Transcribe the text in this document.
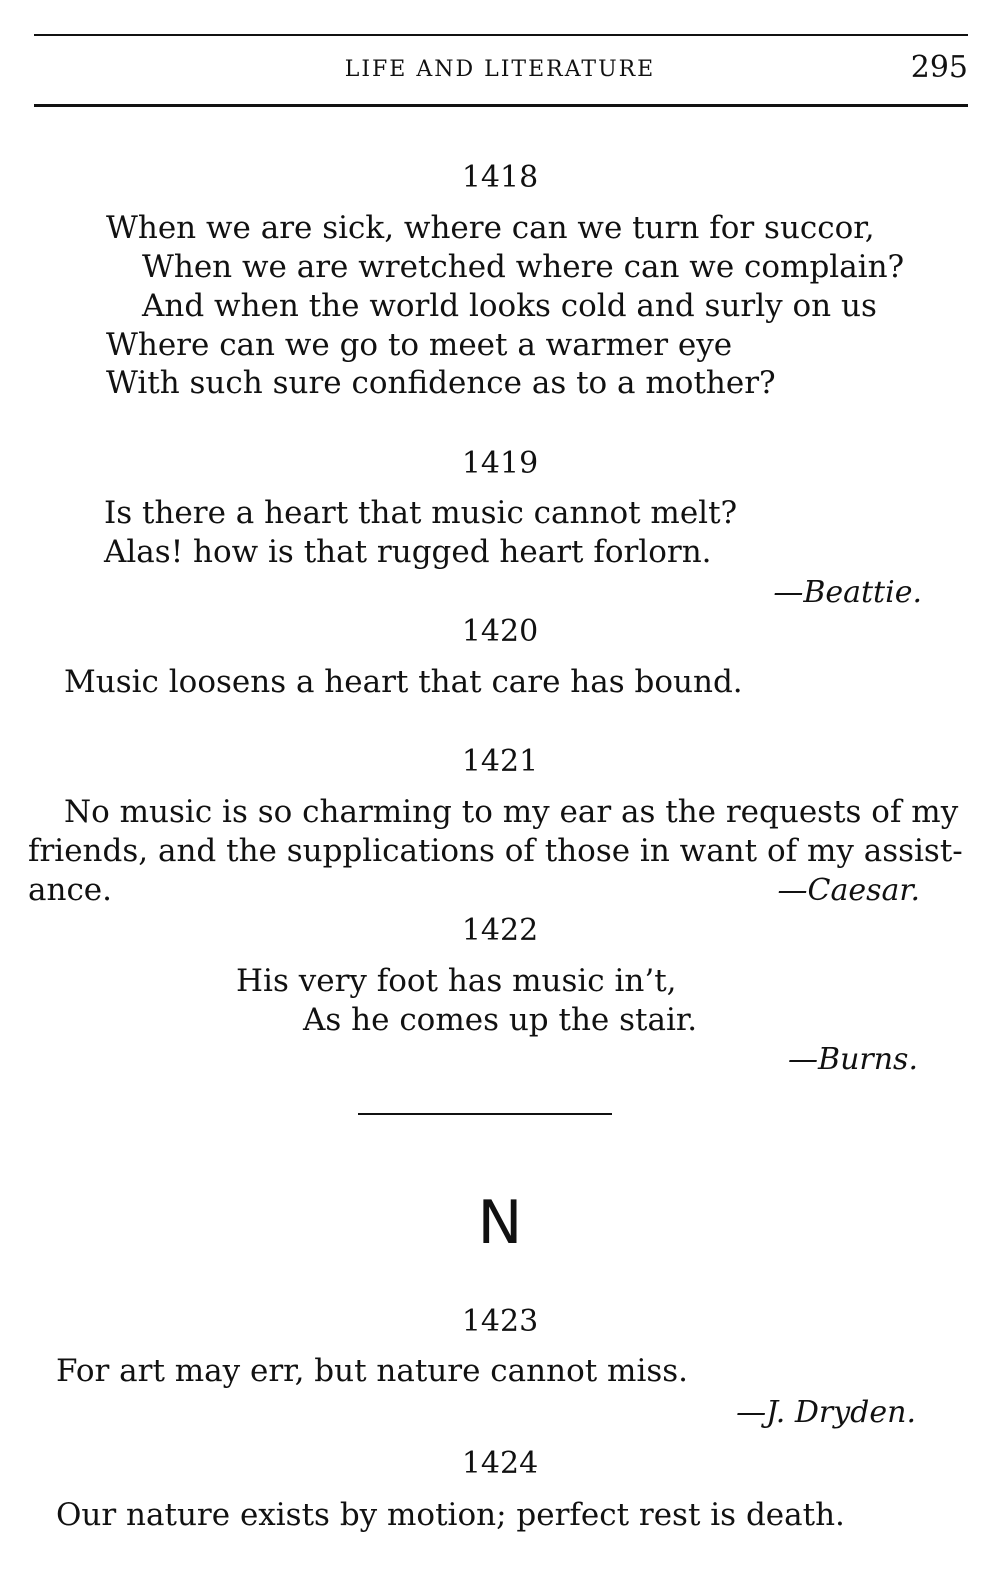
LIFE AND LITERATURE	295
1418
When we are sick, where can we turn for succor,
When we are wretched where can we complain?
And when the world looks cold and surly on us
Where can we go to meet a warmer eye
With such sure confidence as to a mother?
1419
Is there a heart that music cannot melt?
Alas! how is that rugged heart forlorn.
—Beattie.
1420
Music loosens a heart that care has bound.
1421
No music is so charming to my ear as the requests of my
friends, and the supplications of those in want of my assist-
ance.	—Caesar.
1422
His very foot has music in’t,
As he comes up the stair.
—Burns.
N
1423
For art may err, but nature cannot miss.
—J. Dryden.
1424
Our nature exists by motion; perfect rest is death.
